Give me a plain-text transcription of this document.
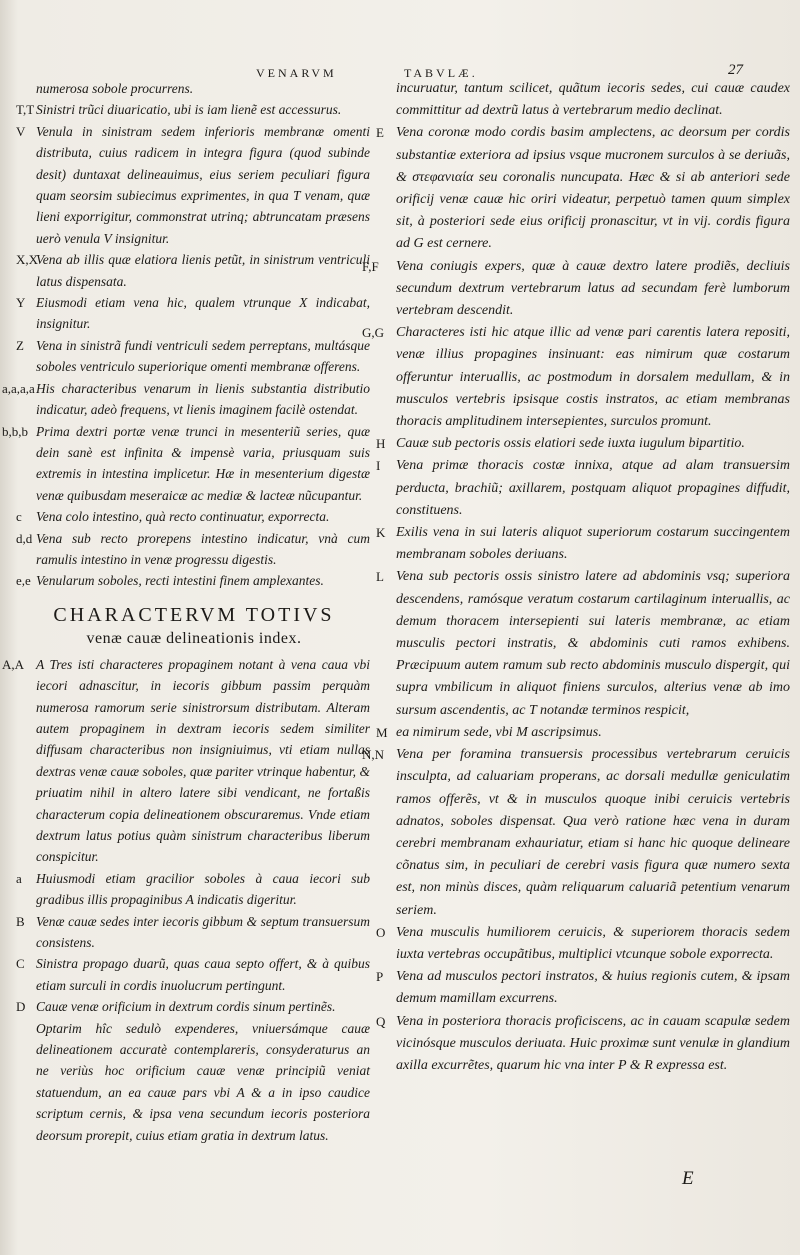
VENARVM	TABVLÆ.	27
numerosa sobole procurrens.

T,T Sinistri trũci diuaricatio, ubi is iam lienẽ est accessurus.

V Venula in sinistram sedem inferioris membranæ omenti distributa, cuius radicem in integra figura (quod subinde desit) duntaxat delineauimus, eius seriem peculiari figura quam seorsim subiecimus exprimentes, in qua T venam, quæ lieni exporrigitur, commonstrat utrinq; abtruncatam præsens uerò venula V insignitur.

X,X
Vena ab illis quæ elatiora lienis petũt, in sinistrum ventriculi latus dispensata.

Y Eiusmodi etiam vena hic, qualem vtrunque X indicabat, insignitur.

Z Vena in sinistrã fundi ventriculi sedem perreptans, multásque soboles ventriculo superiorique omenti membranæ offerens.

a,a,a,a His characteribus venarum in lienis substantia distributio indicatur, adeò frequens, vt lienis imaginem facilè ostendat.

b,b,b Prima dextri portæ venæ trunci in mesenteriũ series, quæ dein sanè est infinita & impensè varia, priusquam suis extremis in intestina implicetur. Hæ in mesenterium digestæ venæ quibusdam meseraicæ ac mediæ & lacteæ nũcupantur.

c Vena colo intestino, quà recto continuatur, exporrecta.

d,d Vena sub recto prorepens intestino indicatur, vnà cum ramulis intestino in venæ progressu digestis.

e,e Venularum soboles, recti intestini finem amplexantes.

CHARACTERVM TOTIVS
venæ cauæ delineationis index.

A,A A Tres isti characteres propaginem notant à vena caua vbi iecori adnascitur, in iecoris gibbum passim perquàm numerosa ramorum serie sinistrorsum distributam. Alteram autem propaginem in dextram iecoris sedem similiter diffusam characteribus non insigniuimus, vti etiam nullas dextras venæ cauæ soboles, quæ pariter vtrinque habentur, & priuatim nihil in altero latere sibi vendicant, ne fortaßis characterum copia delineationem obscuraremus. Vnde etiam dextrum latus potius quàm sinistrum characteribus liberum conspicitur.

a Huiusmodi etiam gracilior soboles à caua iecori sub gradibus illis propaginibus A indicatis digeritur.

B Venæ cauæ sedes inter iecoris gibbum & septum transuersum consistens.

C Sinistra propago duarũ, quas caua septo offert, & à quibus etiam surculi in cordis inuolucrum pertingunt.

D Cauæ venæ orificium in dextrum cordis sinum pertinẽs.

Optarim hîc sedulò expenderes, vniuersámque cauæ delineationem accuratè contemplareris, consyderaturus an ne veriùs hoc orificium cauæ venæ principiũ veniat statuendum, an ea cauæ pars vbi A & a in ipso caudice scriptum cernis, & ipsa vena secundum iecoris posteriora deorsum prorepit, cuius etiam gratia in dextrum latus.
incuruatur, tantum scilicet, quãtum iecoris sedes, cui cauæ caudex committitur ad dextrũ latus à vertebrarum medio declinat.

E Vena coronæ modo cordis basim amplectens, ac deorsum per cordis substantiæ exteriora ad ipsius vsque mucronem surculos à se deriuãs, & στεφανιαία seu coronalis nuncupata. Hæc & si ab anteriori sede orificij venæ cauæ hic oriri videatur, perpetuò tamen quum simplex sit, à posteriori sede eius orificij pronascitur, vt in vij. cordis figura ad G est cernere.

F,F Vena coniugis expers, quæ à cauæ dextro latere prodiẽs, decliuis secundum dextrum vertebrarum latus ad secundam ferè lumborum vertebram descendit.

G,G Characteres isti hic atque illic ad venæ pari carentis latera repositi, venæ illius propagines insinuant: eas nimirum quæ costarum offeruntur interuallis, ac postmodum in dorsalem medullam, & in musculos vertebris ipsisque costis instratos, ac etiam membranas thoracis amplitudinem intersepientes, surculos promunt.

H Cauæ sub pectoris ossis elatiori sede iuxta iugulum bipartitio.

I Vena primæ thoracis costæ innixa, atque ad alam transuersim perducta, brachiũ; axillarem, postquam aliquot propagines diffudit, constituens.

K Exilis vena in sui lateris aliquot superiorum costarum succingentem membranam soboles deriuans.

L Vena sub pectoris ossis sinistro latere ad abdominis vsq; superiora descendens, ramósque veratum costarum cartilaginum interuallis, ac demum thoracem intersepienti sui lateris membranæ, ac etiam musculis pectori instratis, & abdominis cuti ramos exhibens. Præcipuum autem ramum sub recto abdominis musculo dispergit, qui supra vmbilicum in aliquot finiens surculos, alterius venæ ab imo sursum ascendentis, ac T notandæ terminos respicit,

M ea nimirum sede, vbi M ascripsimus.

N,N Vena per foramina transuersis processibus vertebrarum ceruicis insculpta, ad caluariam properans, ac dorsali medullæ geniculatim ramos offerẽs, vt & in musculos quoque inibi ceruicis vertebris adnatos, soboles dispensat. Qua verò ratione hæc vena in duram cerebri membranam exhauriatur, etiam si hanc hic quoque delineare cõnatus sim, in peculiari de cerebri vasis figura quæ numero sexta est, non minùs disces, quàm reliquarum caluariã petentium venarum seriem.

O Vena musculis humiliorem ceruicis, & superiorem thoracis sedem iuxta vertebras occupãtibus, multiplici vtcunque sobole exporrecta.

P Vena ad musculos pectori instratos, & huius regionis cutem, & ipsam demum mamillam excurrens.

Q Vena in posteriora thoracis proficiscens, ac in cauam scapulæ sedem vicinósque musculos deriuata. Huic proximæ sunt venulæ in glandium axilla excurrẽtes, quarum hic vna inter P & R expressa est.

E
